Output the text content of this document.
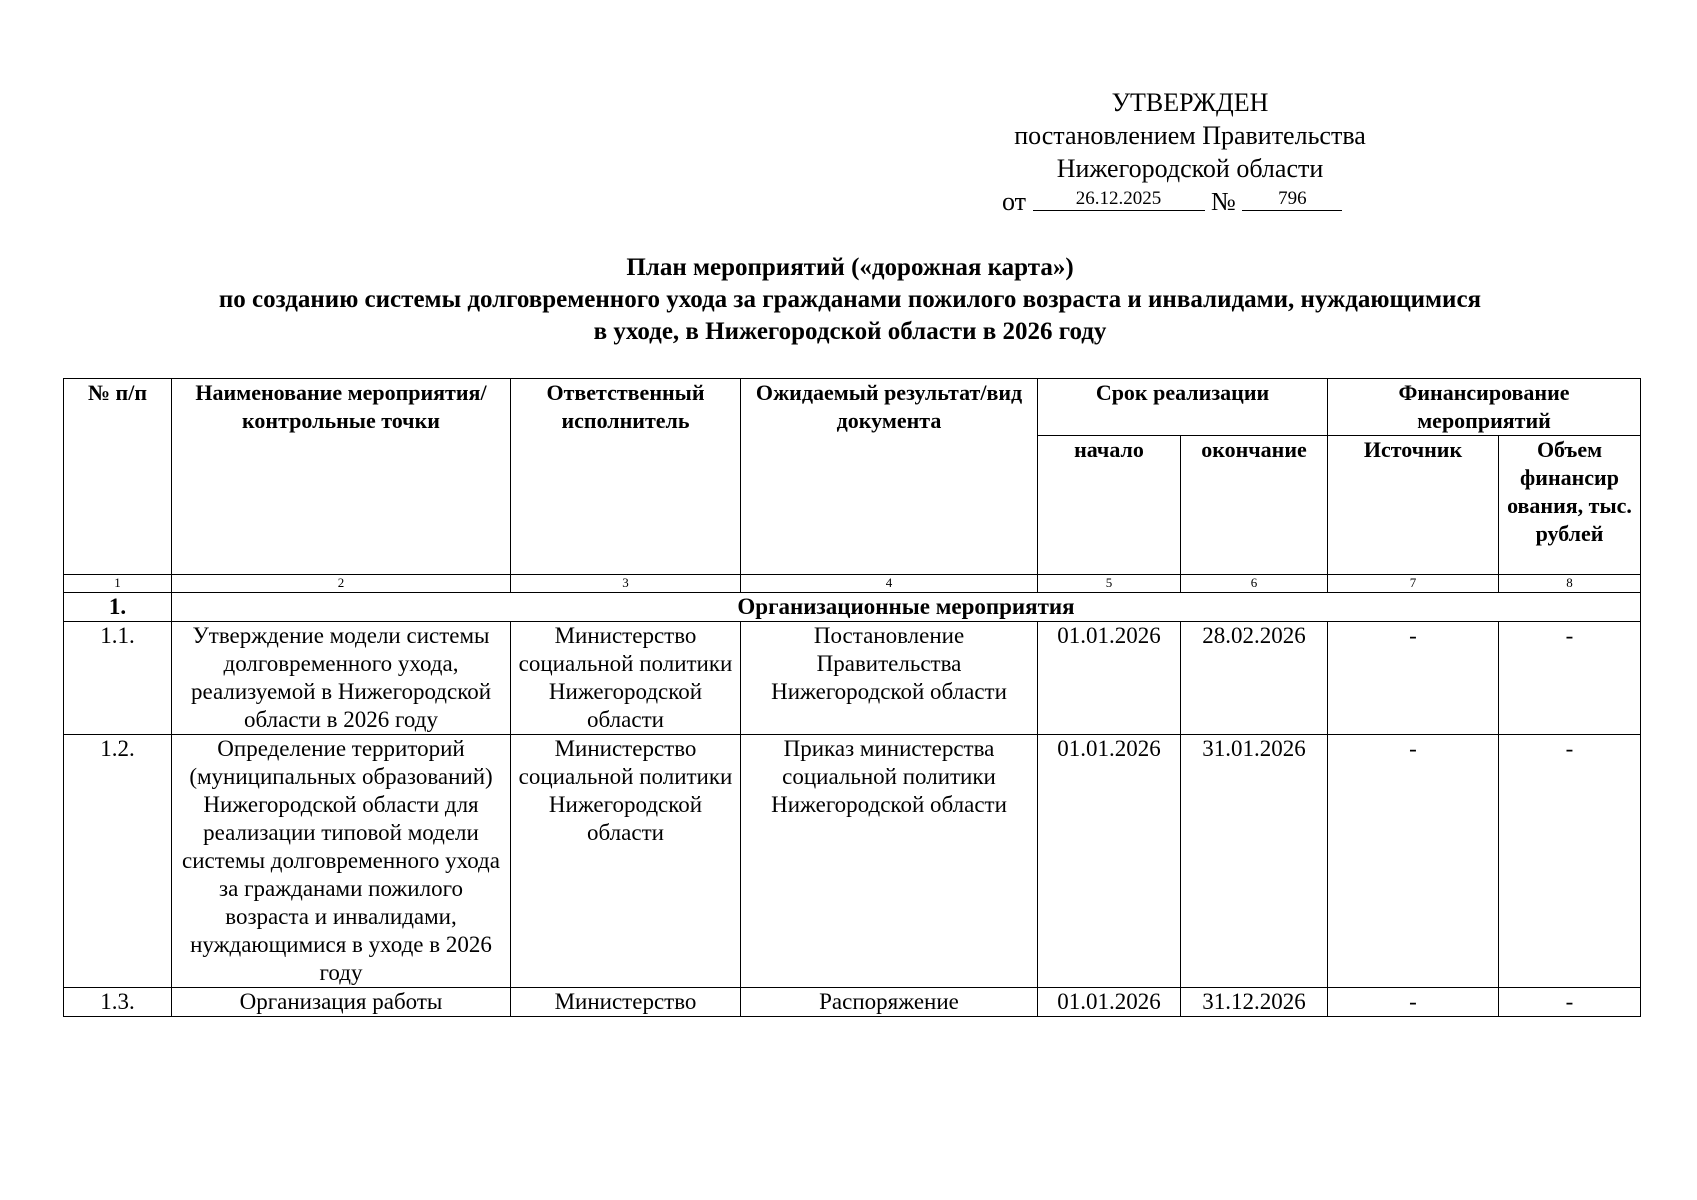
УТВЕРЖДЕН
постановлением Правительства
Нижегородской области
от	26.12.2025 № 796
План мероприятий («дорожная карта»)
по созданию системы долговременного ухода за гражданами пожилого возраста и инвалидами, нуждающимися
в уходе, в Нижегородской области в 2026 году
№ п/п	Наименование мероприятия/ контрольные точки	Ответственный исполнитель	Ожидаемый результат/вид документа	Срок реализации		Финансирование мероприятий	
				начало	окончание	Источник	Объем финансир ования, тыс. рублей
1	2	3	4	5	6	7	8
1.	Организационные мероприятия						
1.1.	Утверждение модели системы долговременного ухода, реализуемой в Нижегородской области в 2026 году	Министерство социальной политики Нижегородской области	Постановление Правительства Нижегородской области	01.01.2026	28.02.2026	-	-
1.2.	Определение территорий (муниципальных образований) Нижегородской области для реализации типовой модели системы долговременного ухода за гражданами пожилого возраста и инвалидами, нуждающимися в уходе в 2026 году	Министерство социальной политики Нижегородской области	Приказ министерства социальной политики Нижегородской области	01.01.2026	31.01.2026	-	-
1.3.	Организация работы	Министерство	Распоряжение	01.01.2026	31.12.2026	-	-
